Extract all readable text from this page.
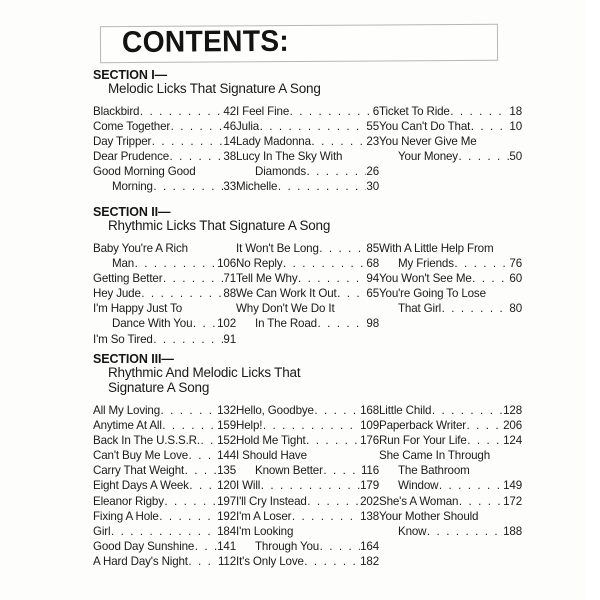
CONTENTS:
SECTION I—
Melodic Licks That Signature A Song
Blackbird . . .	42
Come Together . . .	46
Day Tripper . . .	14
Dear Prudence . . .	38
Good Morning Good
Morning . . .	33
I Feel Fine . . .	6
Julia . . .	55
Lady Madonna . . .	23
Lucy In The Sky With
Diamonds . . .	26
Michelle . . .	30
Ticket To Ride . . .	18
You Can't Do That . . .	10
You Never Give Me
Your Money . . .	50
SECTION II—
Rhythmic Licks That Signature A Song
Baby You're A Rich
Man . . .	106
Getting Better . . .	71
Hey Jude . . .	88
I'm Happy Just To
Dance With You . . . 102
I'm So Tired . . .	91
It Won't Be Long . . .	85
No Reply . . .	68
Tell Me Why . . .	94
We Can Work It Out . . .	65
Why Don't We Do It
In The Road . . .	98
With A Little Help From
My Friends . . .	76
You Won't See Me . . .	60
You're Going To Lose
That Girl . . .	80
SECTION III—
Rhythmic And Melodic Licks That
Signature A Song
All My Loving . . .	132
Anytime At All . . .	159
Back In The U.S.S.R. . . . 152
Can't Buy Me Love . . .	144
Carry That Weight . . .	135
Eight Days A Week . . . 120
Eleanor Rigby . . .	197
Fixing A Hole . . .	192
Girl . . .	184
Good Day Sunshine . . . 141
A Hard Day's Night . . .	112
Hello, Goodbye . . .	168
Help! . . .	109
Hold Me Tight . . .	176
I Should Have
Known Better . . .	116
I Will . . .	179
I'll Cry Instead . . .	202
I'm A Loser . . .	138
I'm Looking
Through You . . .	164
It's Only Love . . .	182
Little Child . . .	128
Paperback Writer . . .	206
Run For Your Life . . .	124
She Came In Through
The Bathroom
Window . . .	149
She's A Woman . . .	172
Your Mother Should
Know . . .	188
